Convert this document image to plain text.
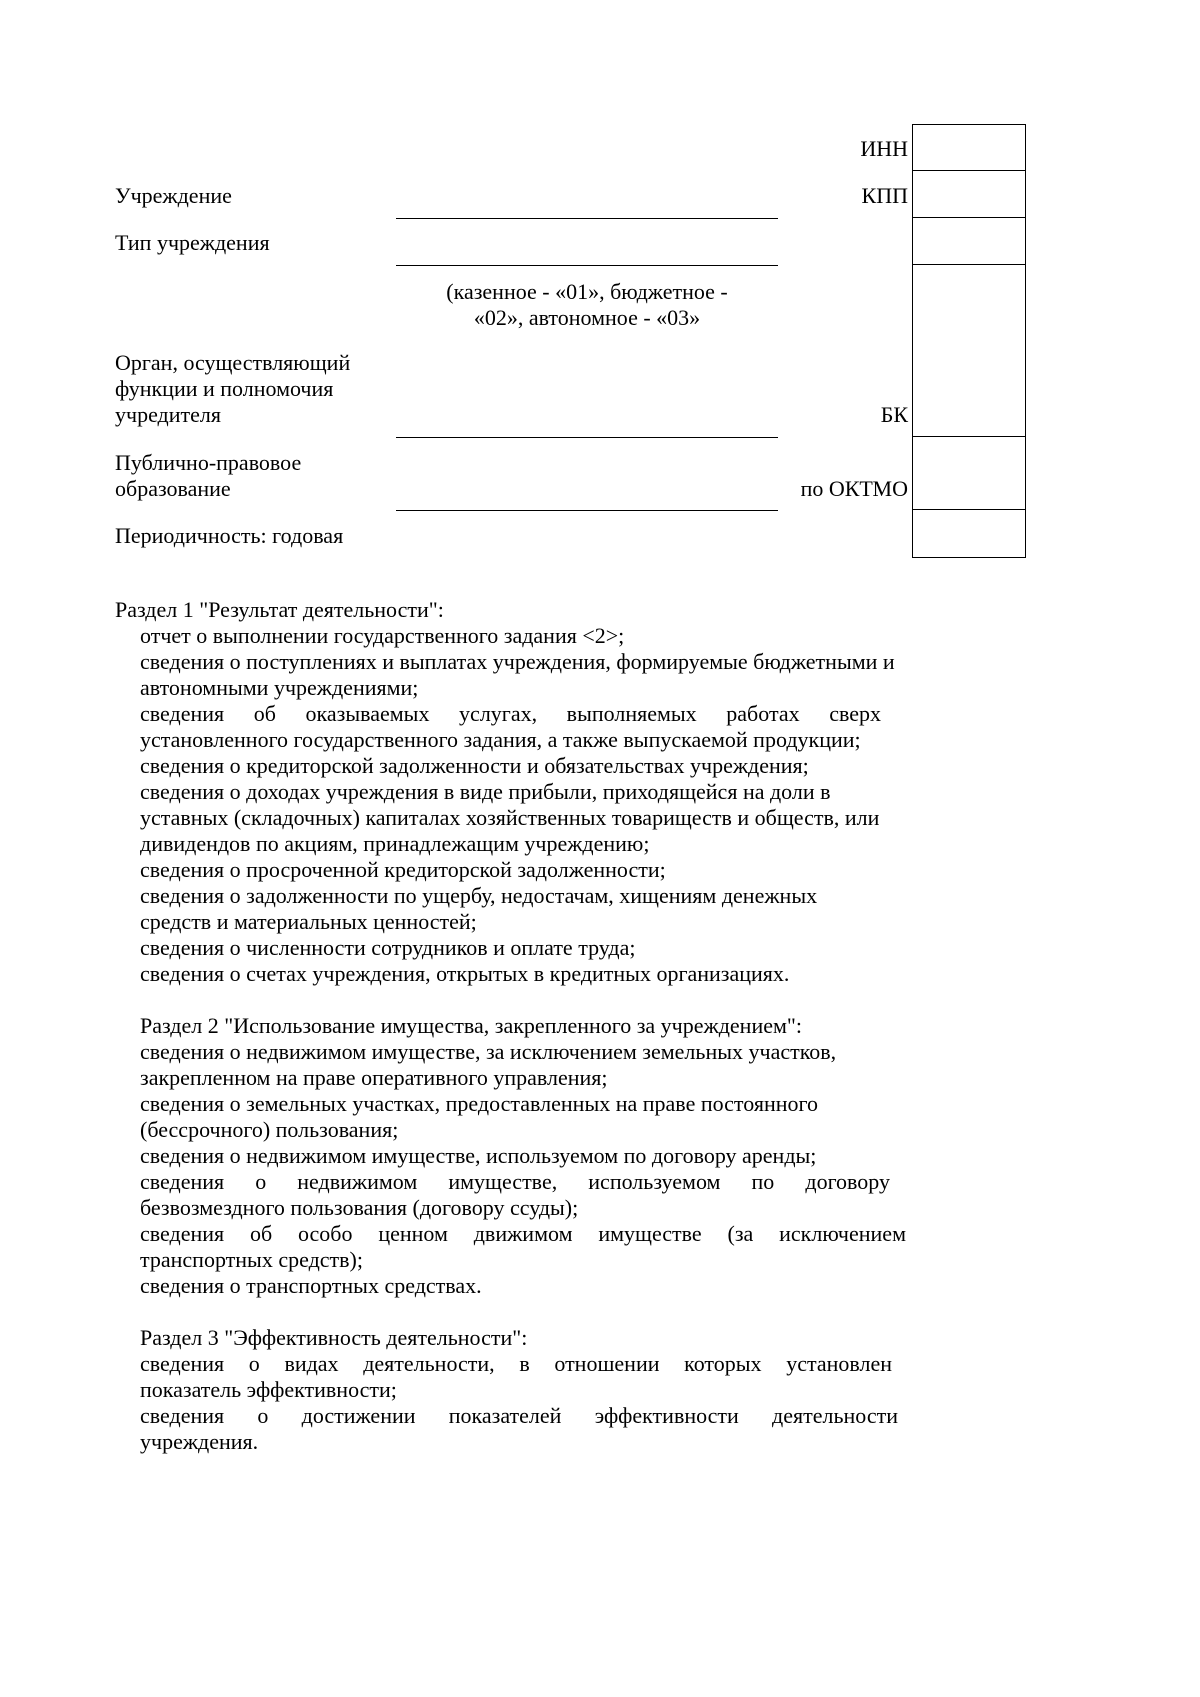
Учреждение
Тип учреждения
Орган, осуществляющий
функции и полномочия
учредителя
Публично-правовое
образование
Периодичность: годовая
(казенное - «01», бюджетное -
«02», автономное - «03»
ИНН
КПП
БК
по ОКТМО
Раздел 1 "Результат деятельности":
отчет о выполнении государственного задания <2>;
сведения о поступлениях и выплатах учреждения, формируемые бюджетными и
автономными учреждениями;
сведения об оказываемых услугах, выполняемых работах сверх
установленного государственного задания, а также выпускаемой продукции;
сведения о кредиторской задолженности и обязательствах учреждения;
сведения о доходах учреждения в виде прибыли, приходящейся на доли в
уставных (складочных) капиталах хозяйственных товариществ и обществ, или
дивидендов по акциям, принадлежащим учреждению;
сведения о просроченной кредиторской задолженности;
сведения о задолженности по ущербу, недостачам, хищениям денежных
средств и материальных ценностей;
сведения о численности сотрудников и оплате труда;
сведения о счетах учреждения, открытых в кредитных организациях.
Раздел 2 "Использование имущества, закрепленного за учреждением":
сведения о недвижимом имуществе, за исключением земельных участков,
закрепленном на праве оперативного управления;
сведения о земельных участках, предоставленных на праве постоянного
(бессрочного) пользования;
сведения о недвижимом имуществе, используемом по договору аренды;
сведения о недвижимом имуществе, используемом по договору
безвозмездного пользования (договору ссуды);
сведения об особо ценном движимом имуществе (за исключением
транспортных средств);
сведения о транспортных средствах.
Раздел 3 "Эффективность деятельности":
сведения о видах деятельности, в отношении которых установлен
показатель эффективности;
сведения о достижении показателей эффективности деятельности
учреждения.
